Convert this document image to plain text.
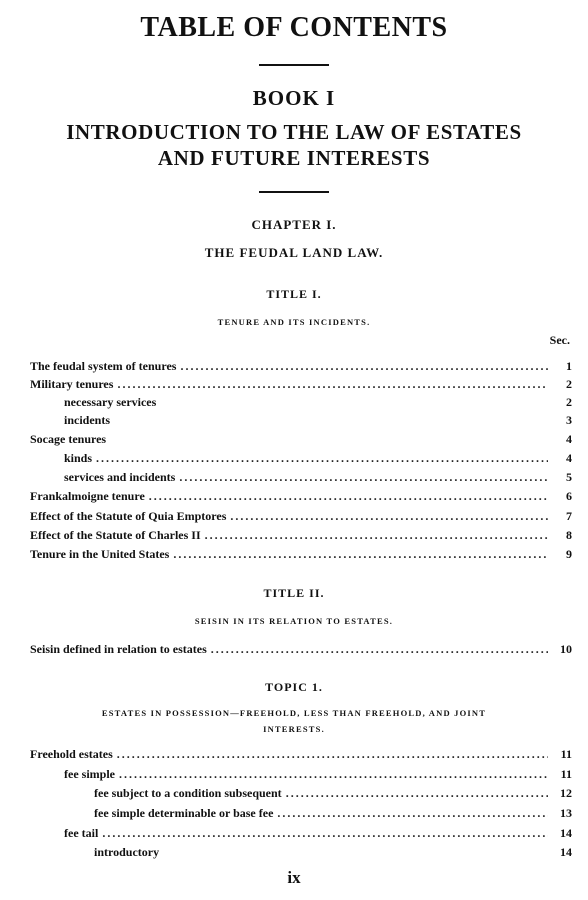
TABLE OF CONTENTS
BOOK I
INTRODUCTION TO THE LAW OF ESTATES
AND FUTURE INTERESTS
CHAPTER I.
THE FEUDAL LAND LAW.
TITLE I.
TENURE AND ITS INCIDENTS.
Sec.
The feudal system of tenures .....	1
Military tenures .....	2
necessary services	2
incidents	3
Socage tenures	4
kinds .....	4
services and incidents .....	5
Frankalmoigne tenure .....	6
Effect of the Statute of Quia Emptores .....	7
Effect of the Statute of Charles II .....	8
Tenure in the United States .....	9
TITLE II.
SEISIN IN ITS RELATION TO ESTATES.
Seisin defined in relation to estates .....	10
TOPIC 1.
ESTATES IN POSSESSION—FREEHOLD, LESS THAN FREEHOLD, AND JOINT
INTERESTS.
Freehold estates .....	11
fee simple .....	11
fee subject to a condition subsequent .....	12
fee simple determinable or base fee .....	13
fee tail .....	14
introductory	14
ix
